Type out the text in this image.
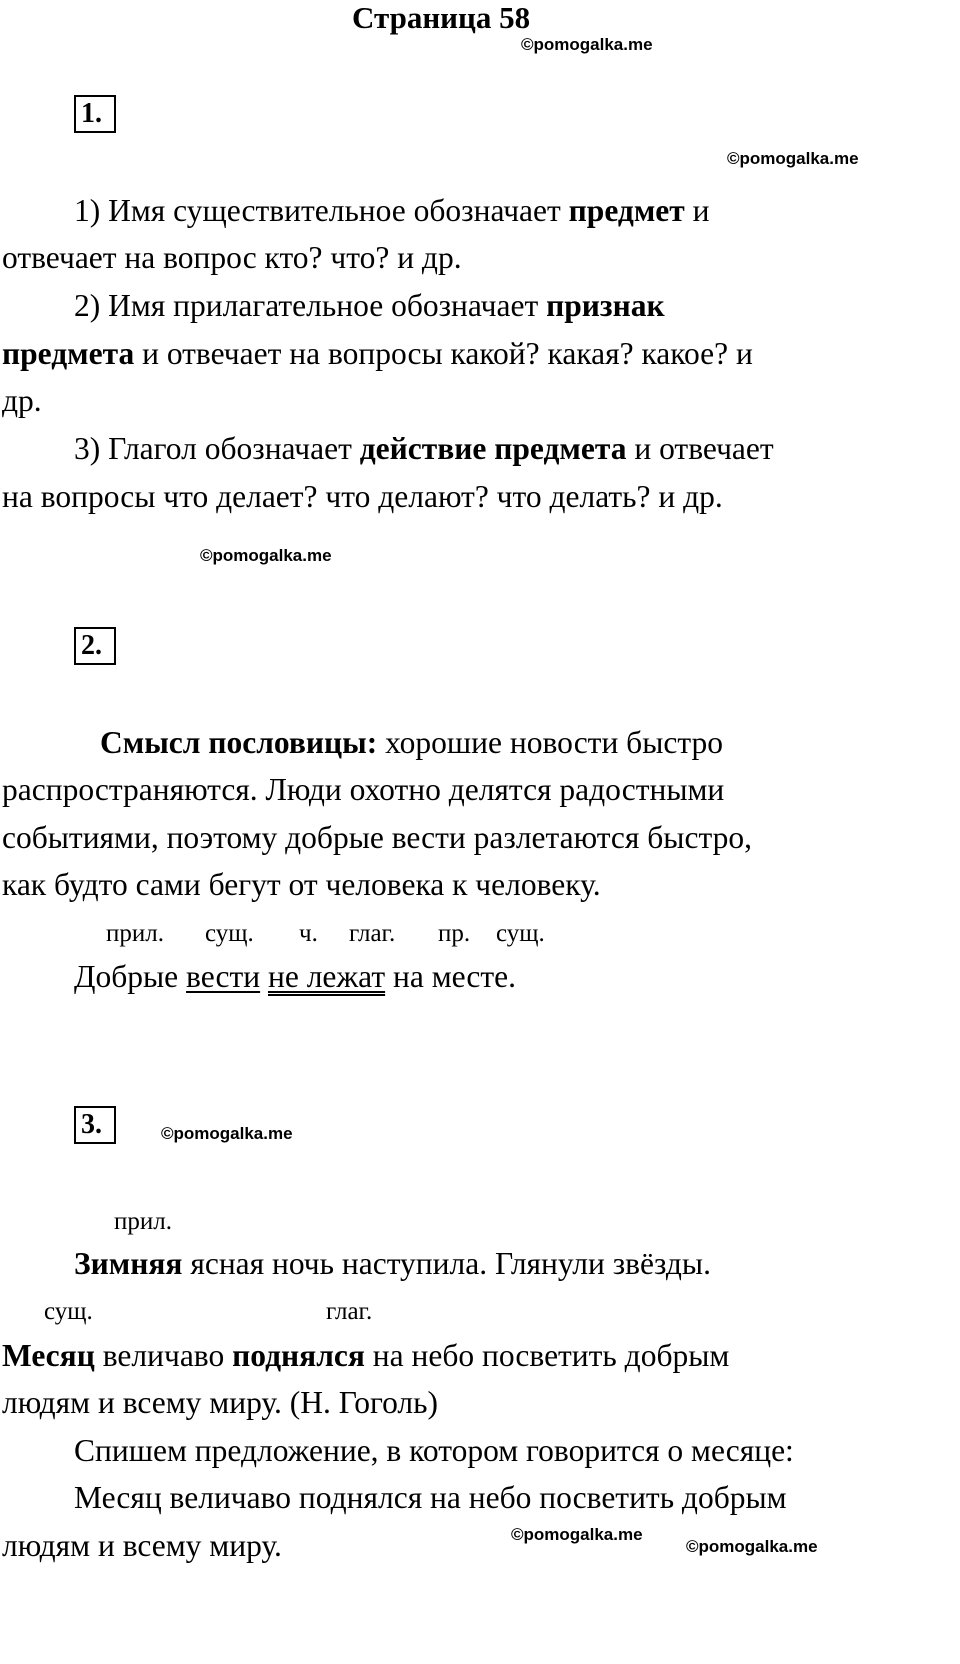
Страница 58
©pomogalka.me
1.
©pomogalka.me
1) Имя существительное обозначает предмет и
отвечает на вопрос кто? что? и др.
2) Имя прилагательное обозначает признак
предмета и отвечает на вопросы какой? какая? какое? и
др.
3) Глагол обозначает действие предмета и отвечает
на вопросы что делает? что делают? что делать? и др.
©pomogalka.me
2.
Смысл пословицы: хорошие новости быстро
распространяются. Люди охотно делятся радостными
событиями, поэтому добрые вести разлетаются быстро,
как будто сами бегут от человека к человеку.
прил. сущ. ч. глаг. пр. сущ.
Добрые вести не лежат на месте.
3.	©pomogalka.me
прил.
Зимняя ясная ночь наступила. Глянули звёзды.
сущ.	глаг.
Месяц величаво поднялся на небо посветить добрым
людям и всему миру. (Н. Гоголь)
Спишем предложение, в котором говорится о месяце:
Месяц величаво поднялся на небо посветить добрым
людям и всему миру.	©pomogalka.me
©pomogalka.me
